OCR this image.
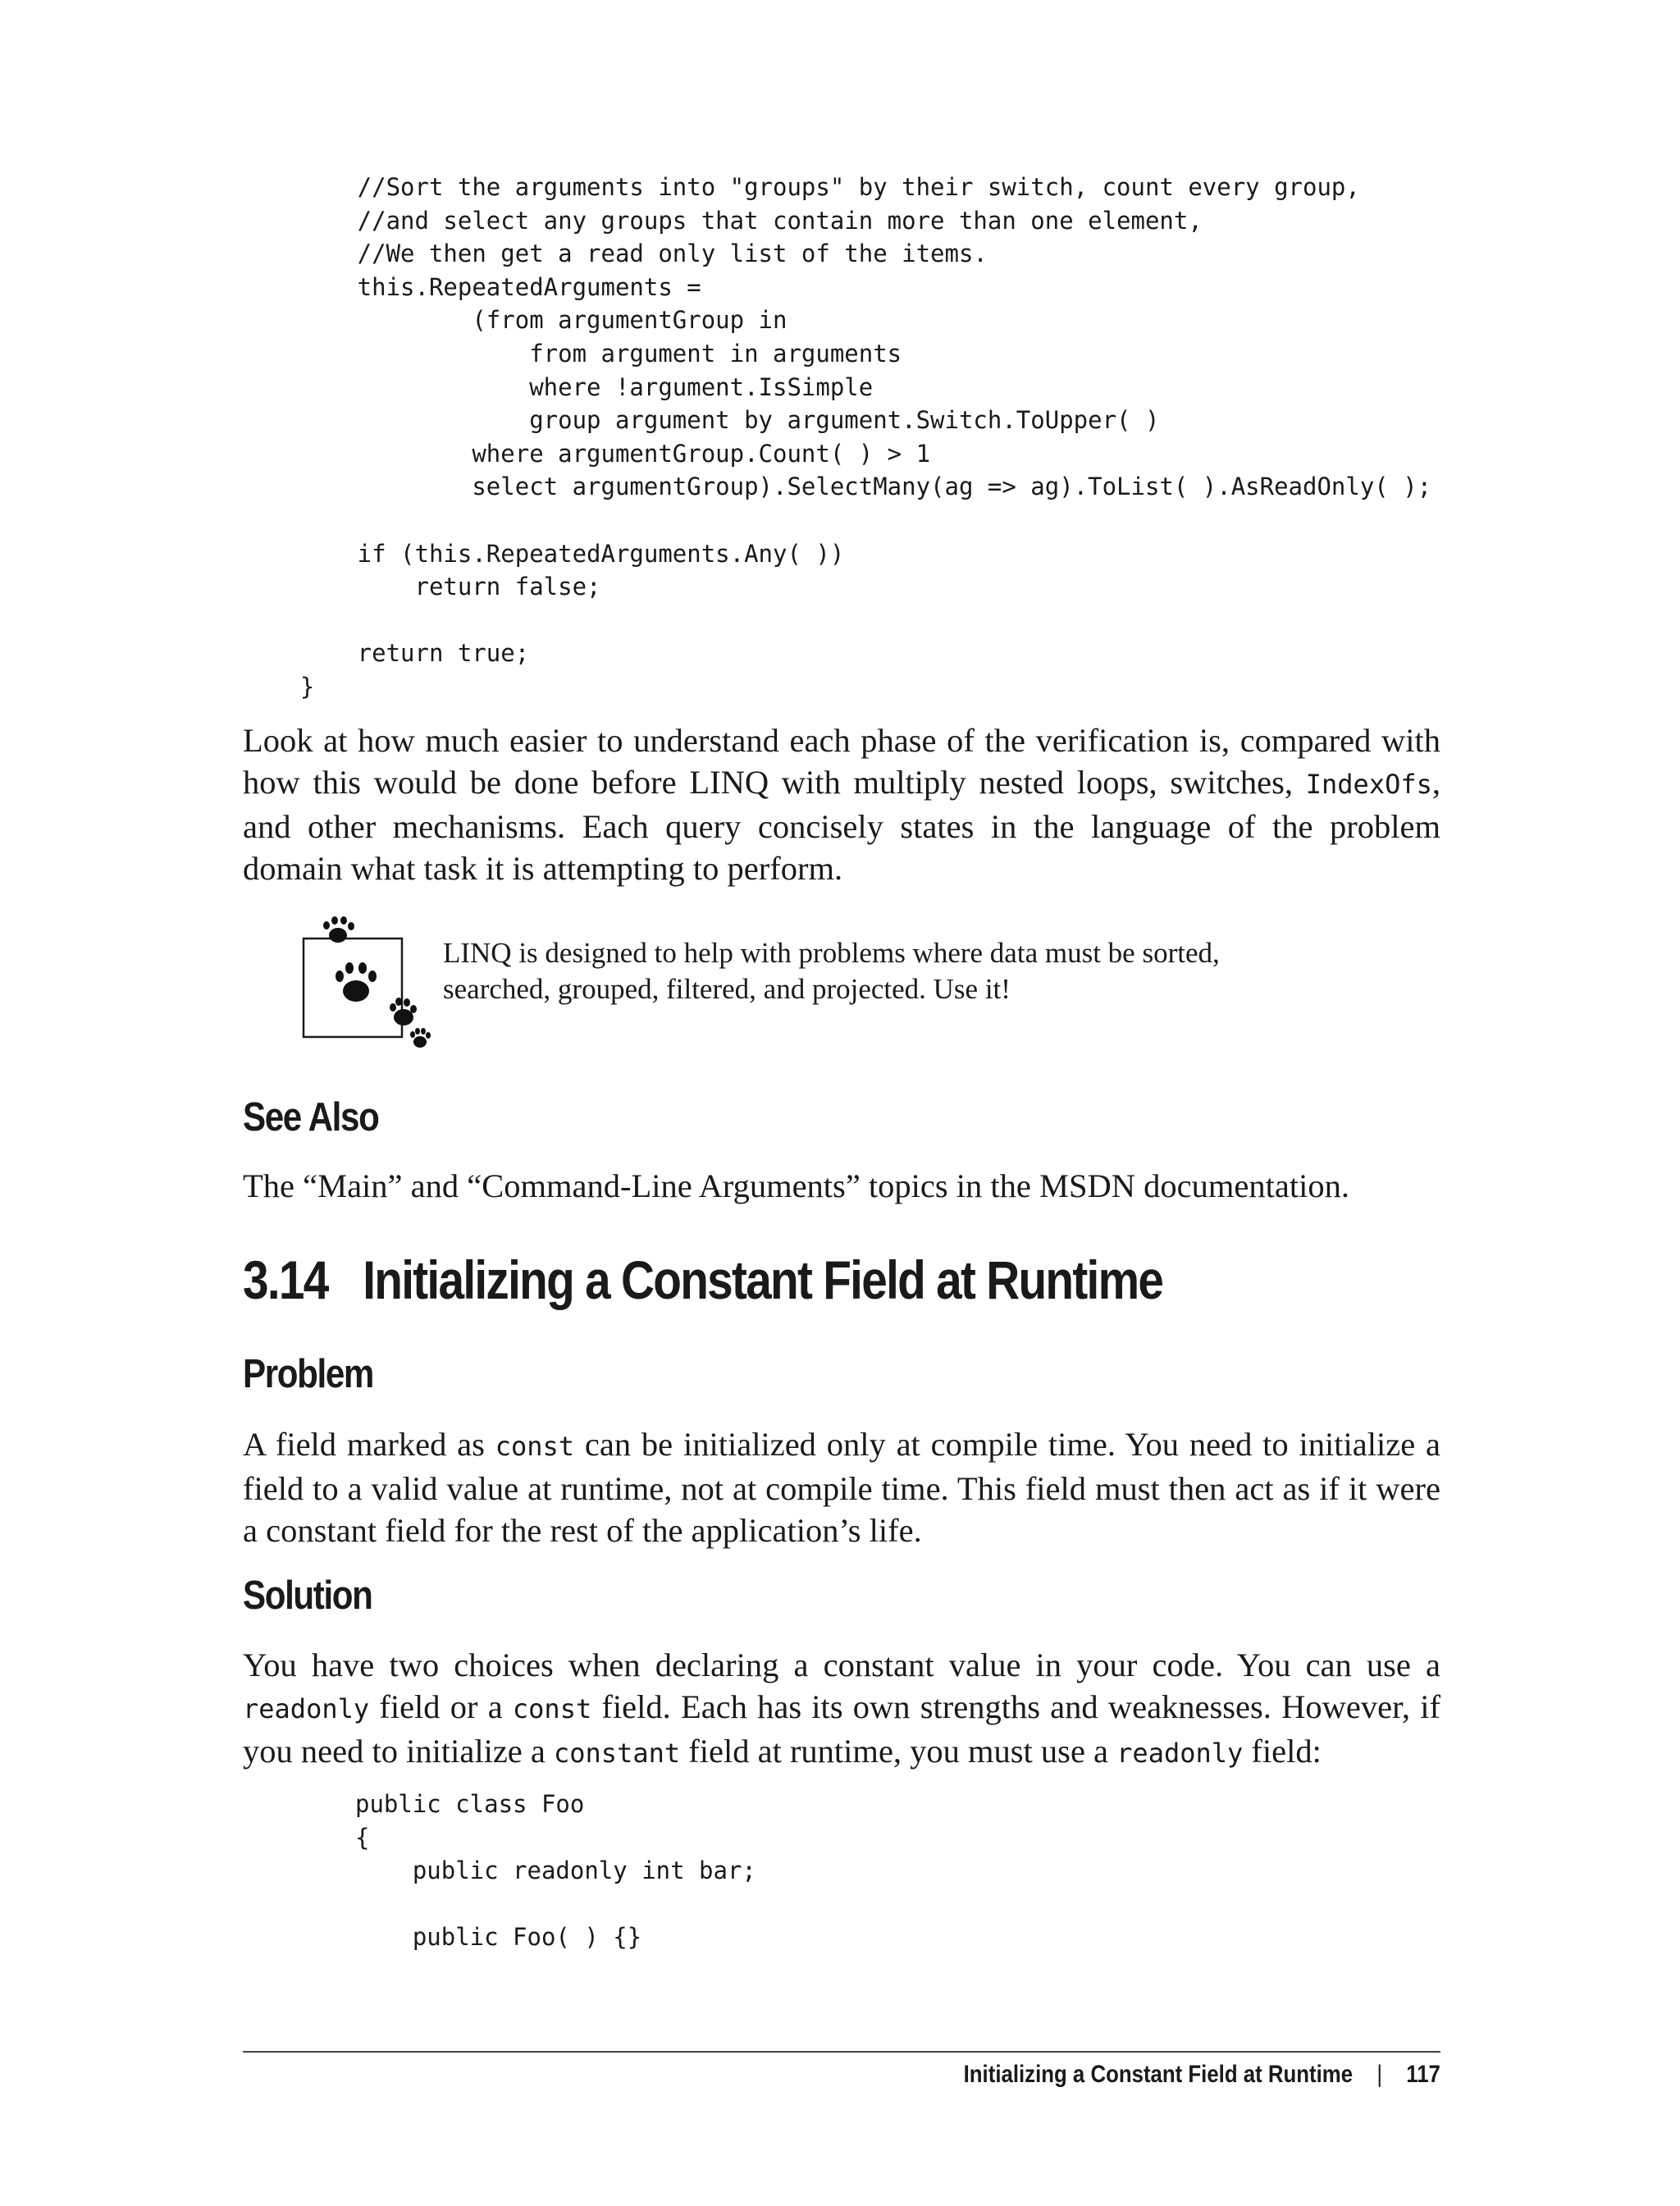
//Sort the arguments into "groups" by their switch, count every group,
//and select any groups that contain more than one element,
//We then get a read only list of the items.
this.RepeatedArguments =
(from argumentGroup in
from argument in arguments
where !argument.IsSimple
group argument by argument.Switch.ToUpper( )
where argumentGroup.Count( ) > 1
select argumentGroup).SelectMany(ag => ag).ToList( ).AsReadOnly( );

if (this.RepeatedArguments.Any( ))
return false;

return true;
}

Look at how much easier to understand each phase of the verification is, compared with how this would be done before LINQ with multiply nested loops, switches, IndexOfs, and other mechanisms. Each query concisely states in the language of the problem domain what task it is attempting to perform.

LINQ is designed to help with problems where data must be sorted, searched, grouped, filtered, and projected. Use it!

See Also

The “Main” and “Command-Line Arguments” topics in the MSDN documentation.

3.14 Initializing a Constant Field at Runtime
Problem

A field marked as const can be initialized only at compile time. You need to initialize a field to a valid value at runtime, not at compile time. This field must then act as if it were a constant field for the rest of the application’s life.

Solution

You have two choices when declaring a constant value in your code. You can use a readonly field or a const field. Each has its own strengths and weaknesses. However, if you need to initialize a constant field at runtime, you must use a readonly field:

public class Foo
{
public readonly int bar;

public Foo( ) {}

Initializing a Constant Field at Runtime | 117
